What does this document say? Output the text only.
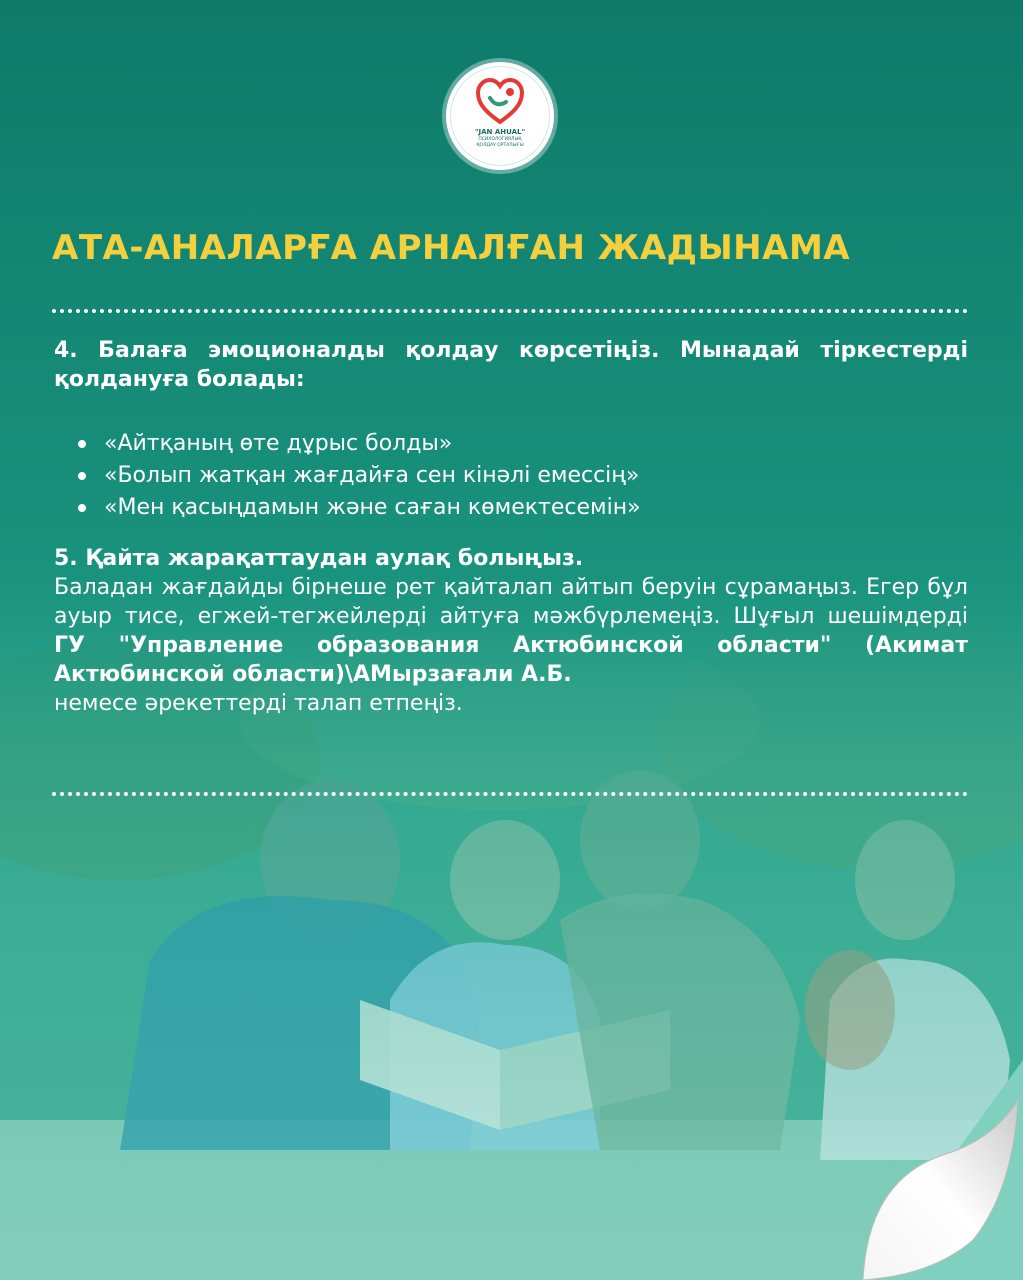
"JAN AHUAL"
ПСИХОЛОГИЯЛЫҚ
ҚОЛДАУ ОРТАЛЫҒЫ
АТА-АНАЛАРҒА АРНАЛҒАН ЖАДЫНАМА
4. Балаға эмоционалды қолдау көрсетіңіз. Мынадай тіркестерді қолдануға болады:
«Айтқаның өте дұрыс болды»
«Болып жатқан жағдайға сен кінәлі емессің»
«Мен қасыңдамын және саған көмектесемін»
5. Қайта жарақаттаудан аулақ болыңыз.
Баладан жағдайды бірнеше рет қайталап айтып беруін сұрамаңыз. Егер бұл ауыр тисе, егжей-тегжейлерді айтуға мәжбүрлемеңіз. Шұғыл шешімдерді ГУ "Управление образования Актюбинской области" (Акимат Актюбинской области)\АМырзағали А.Б.
немесе әрекеттерді талап етпеңіз.
